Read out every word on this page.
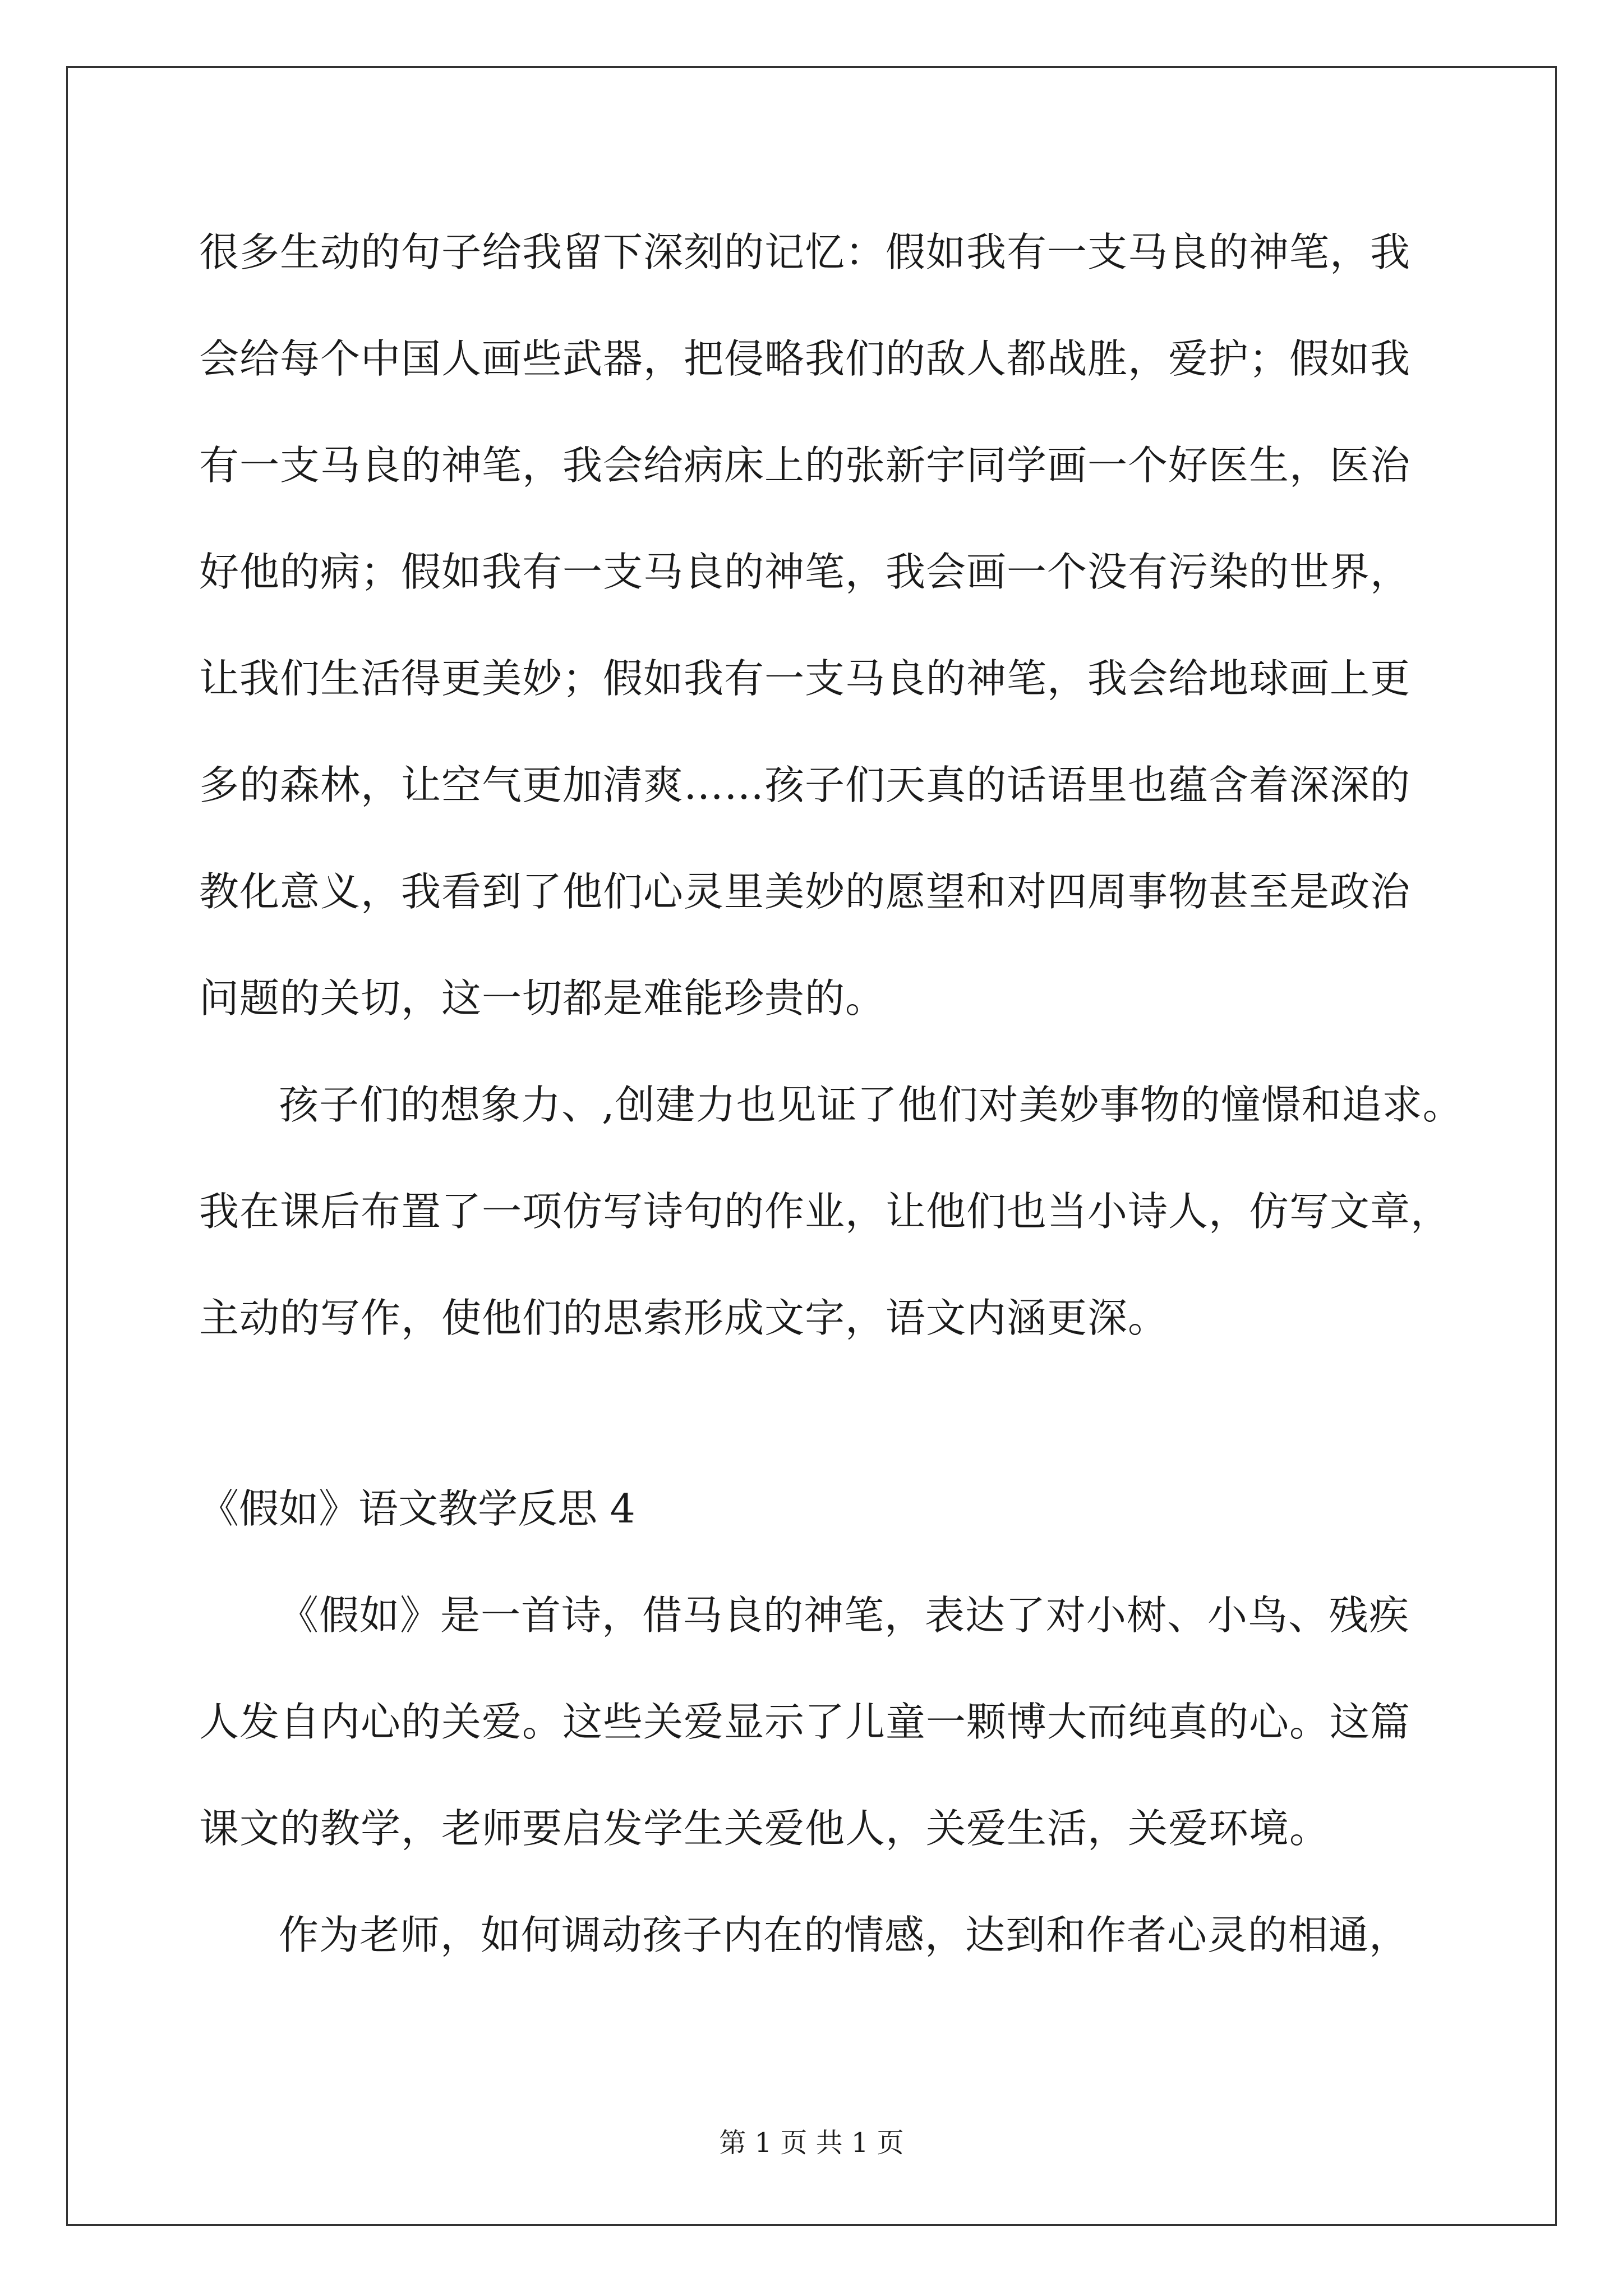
很多生动的句子给我留下深刻的记忆：假如我有一支马良的神笔，我
会给每个中国人画些武器，把侵略我们的敌人都战胜，爱护；假如我
有一支马良的神笔，我会给病床上的张新宇同学画一个好医生，医治
好他的病；假如我有一支马良的神笔，我会画一个没有污染的世界，
让我们生活得更美妙；假如我有一支马良的神笔，我会给地球画上更
多的森林，让空气更加清爽……孩子们天真的话语里也蕴含着深深的
教化意义，我看到了他们心灵里美妙的愿望和对四周事物甚至是政治
问题的关切，这一切都是难能珍贵的。
孩子们的想象力、,创建力也见证了他们对美妙事物的憧憬和追求。
我在课后布置了一项仿写诗句的作业，让他们也当小诗人，仿写文章，
主动的写作，使他们的思索形成文字，语文内涵更深。
《假如》语文教学反思 4
《假如》是一首诗，借马良的神笔，表达了对小树、小鸟、残疾
人发自内心的关爱。这些关爱显示了儿童一颗博大而纯真的心。这篇
课文的教学，老师要启发学生关爱他人，关爱生活，关爱环境。
作为老师，如何调动孩子内在的情感，达到和作者心灵的相通，
第 1 页 共 1 页
